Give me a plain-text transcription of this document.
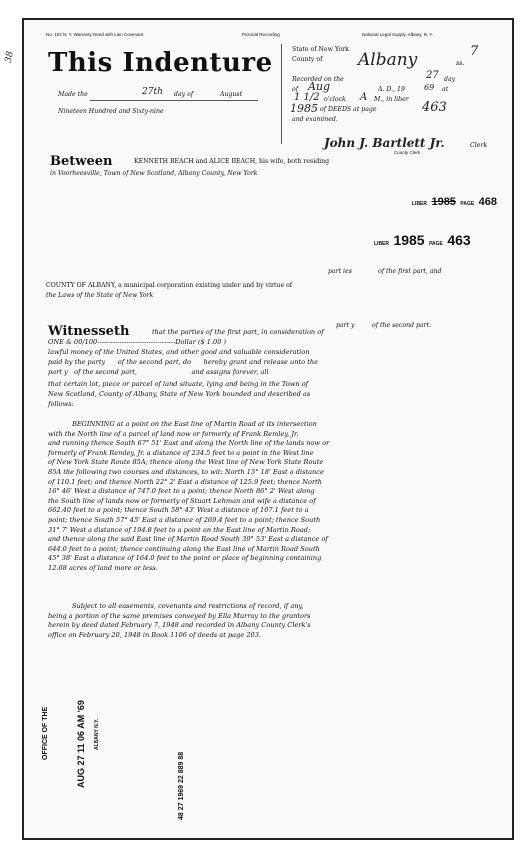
No. 102 N. Y. Warranty Deed with Lien Covenant	Pictorial Recording	National Legal Supply, Albany, N. Y.
This Indenture
Made the	27th day of	August
Nineteen Hundred and Sixty-nine
State of New York
County of Albany	ss.
7
Recorded on the	27 day
of Aug	A. D., 19 69 at
1 1/2 o'clock A M., in liber
1985 of DEEDS at page	463
and examined.
John J. Bartlett Jr.
County Clerk
Clerk
Between	KENNETH BEACH and ALICE BEACH, his wife, both residing
in Voorheesville, Town of New Scotland, Albany County, New York
LIBER 1985 PAGE 468
LIBER 1985 PAGE 463
part ies	of the first part, and
COUNTY OF ALBANY, a municipal corporation existing under and by virtue of
the Laws of the State of New York
part y	of the second part.
Witnesseth	that the parties of the first part, in consideration of
ONE & 00/100-----------------------------------Dollar ($ 1.00 )
lawful money of the United States, and other good and valuable consideration
paid by the party      of the second part, do      hereby grant and release unto the
part y   of the second part,                          and assigns forever, all
that certain lot, piece or parcel of land situate, lying and being in the Town of
New Scotland, County of Albany, State of New York bounded and described as
follows:
BEGINNING at a point on the East line of Martin Road at its intersection
with the North line of a parcel of land now or formerly of Frank Remley, Jr.
and running thence South 67° 51' East and along the North line of the lands now or
formerly of Frank Remley, Jr. a distance of 234.5 feet to a point in the West line
of New York State Route 85A; thence along the West line of New York State Route
85A the following two courses and distances, to wit: North 15° 18' East a distance
of 110.1 feet; and thence North 22° 2' East a distance of 125.9 feet; thence North
16° 46' West a distance of 747.0 feet to a point; thence North 86° 2' West along
the South line of lands now or formerly of Stuart Lehman and wife a distance of
662.40 feet to a point; thence South 58° 43' West a distance of 107.1 feet to a
point; thence South 57° 45' East a distance of 269.4 feet to a point; thence South
31° 7' West a distance of 194.8 feet to a point on the East line of Martin Road;
and thence along the said East line of Martin Road South 39° 53' East a distance of
644.0 feet to a point; thence continuing along the East line of Martin Road South
45° 38' East a distance of 164.0 feet to the point or place of beginning containing
12.68 acres of land more or less.
Subject to all easements, covenants and restrictions of record, if any,
being a portion of the same premises conveyed by Ella Murray to the grantors
herein by deed dated February 7, 1948 and recorded in Albany County Clerk's
office on February 20, 1948 in Book 1106 of deeds at page 203.
OFFICE OF THE	AUG 27 11 06 AM '69 ALBANY N.Y.
48 27 1969 22 889 88
38
